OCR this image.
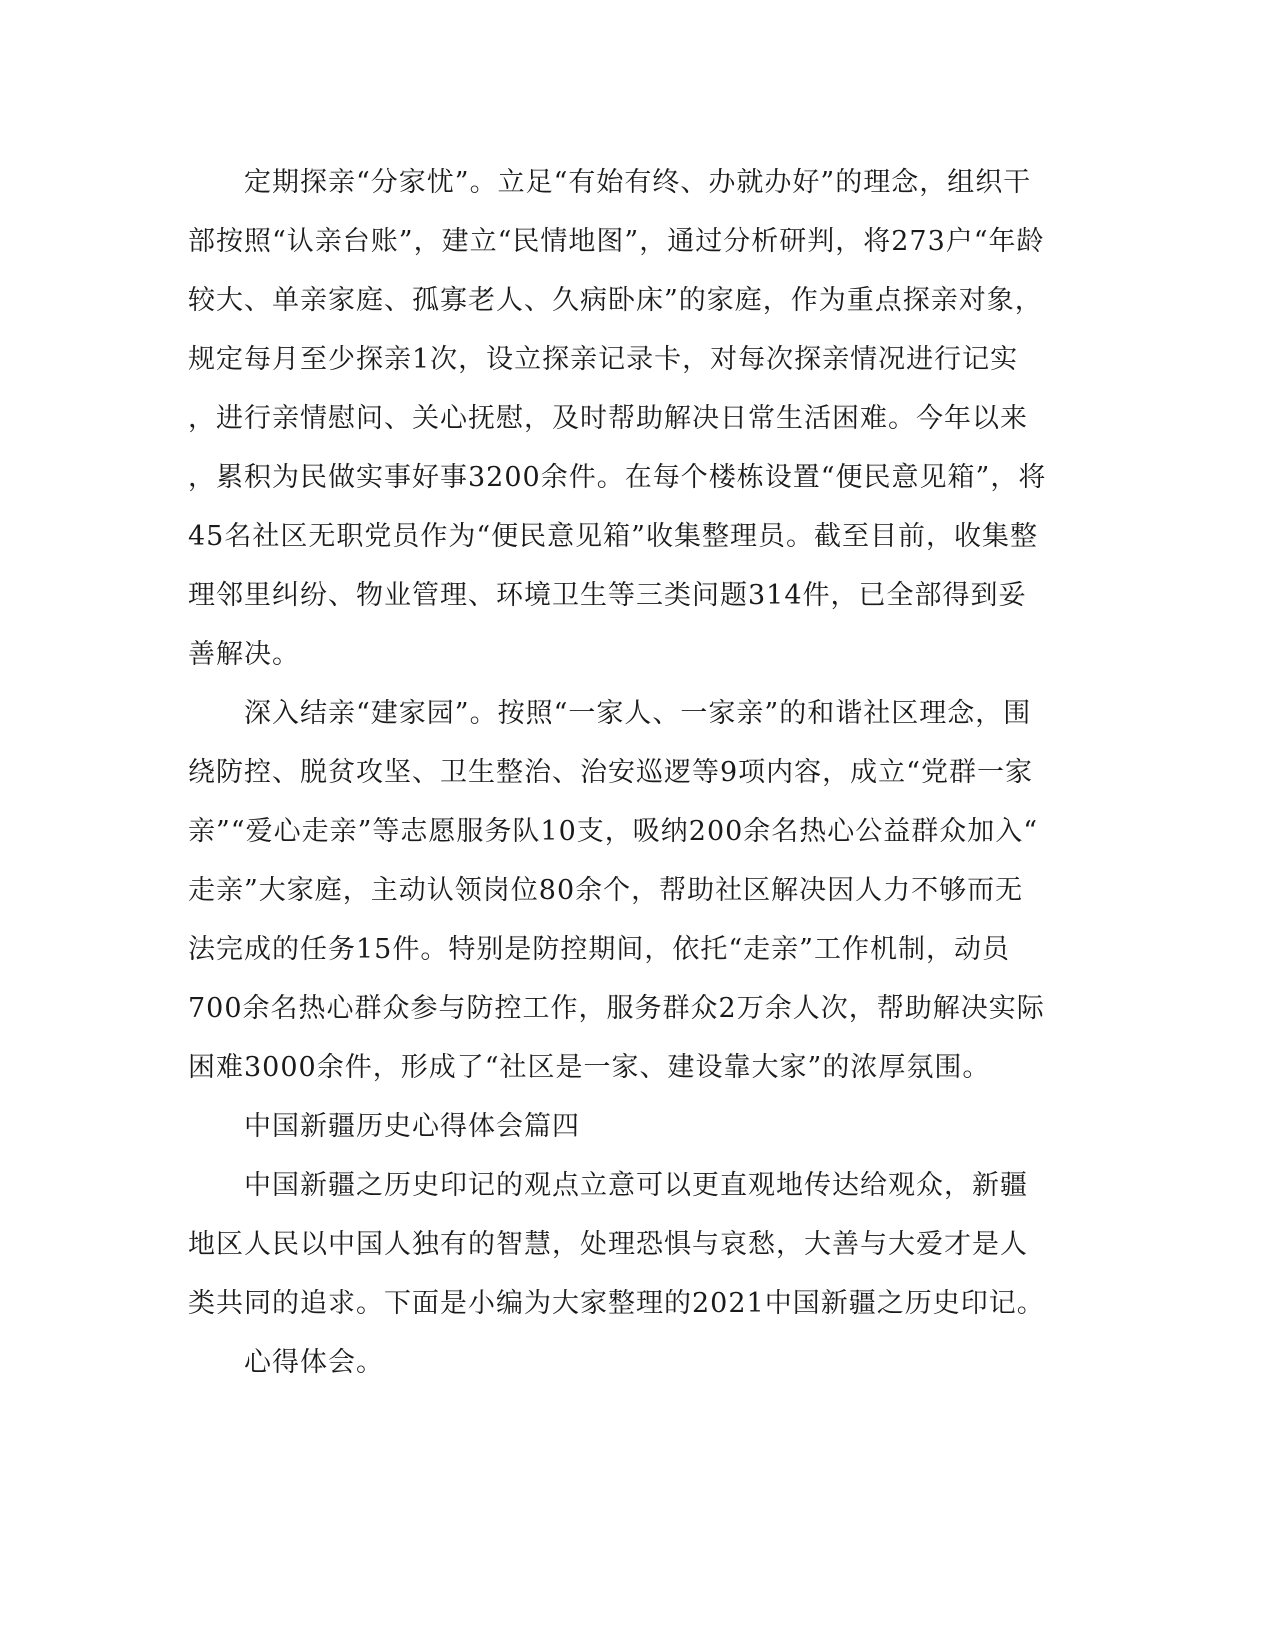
　　定期探亲“分家忧”。立足“有始有终、办就办好”的理念，组织干
部按照“认亲台账”，建立“民情地图”，通过分析研判，将273户“年龄
较大、单亲家庭、孤寡老人、久病卧床”的家庭，作为重点探亲对象，
规定每月至少探亲1次，设立探亲记录卡，对每次探亲情况进行记实
，进行亲情慰问、关心抚慰，及时帮助解决日常生活困难。今年以来
，累积为民做实事好事3200余件。在每个楼栋设置“便民意见箱”，将
45名社区无职党员作为“便民意见箱”收集整理员。截至目前，收集整
理邻里纠纷、物业管理、环境卫生等三类问题314件，已全部得到妥
善解决。
　　深入结亲“建家园”。按照“一家人、一家亲”的和谐社区理念，围
绕防控、脱贫攻坚、卫生整治、治安巡逻等9项内容，成立“党群一家
亲”“爱心走亲”等志愿服务队10支，吸纳200余名热心公益群众加入“
走亲”大家庭，主动认领岗位80余个，帮助社区解决因人力不够而无
法完成的任务15件。特别是防控期间，依托“走亲”工作机制，动员
700余名热心群众参与防控工作，服务群众2万余人次，帮助解决实际
困难3000余件，形成了“社区是一家、建设靠大家”的浓厚氛围。
　　中国新疆历史心得体会篇四
　　中国新疆之历史印记的观点立意可以更直观地传达给观众，新疆
地区人民以中国人独有的智慧，处理恐惧与哀愁，大善与大爱才是人
类共同的追求。下面是小编为大家整理的2021中国新疆之历史印记。
　　心得体会。
